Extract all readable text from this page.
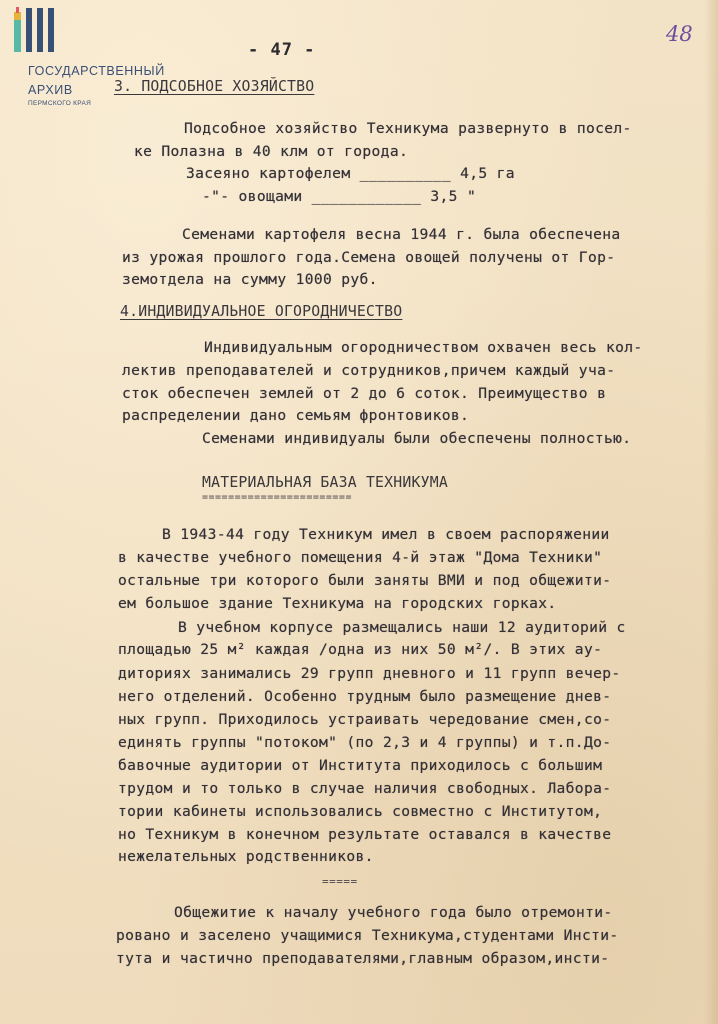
ГОСУДАРСТВЕННЫЙ
АРХИВ
ПЕРМСКОГО КРАЯ
- 47 -
48
3. ПОДСОБНОЕ ХОЗЯЙСТВО
Подсобное хозяйство Техникума развернуто в посел-
ке Полазна в 40 клм от города.
Засеяно картофелем __________ 4,5 га
-"- овощами ____________ 3,5 "
Семенами картофеля весна 1944 г. была обеспечена
из урожая прошлого года.Семена овощей получены от Гор-
земотдела на сумму 1000 руб.
4.ИНДИВИДУАЛЬНОЕ ОГОРОДНИЧЕСТВО
Индивидуальным огородничеством охвачен весь кол-
лектив преподавателей и сотрудников,причем каждый уча-
сток обеспечен землей от 2 до 6 соток. Преимущество в
распределении дано семьям фронтовиков.
Семенами индивидуалы были обеспечены полностью.
МАТЕРИАЛЬНАЯ БАЗА ТЕХНИКУМА
=======================
В 1943-44 году Техникум имел в своем распоряжении
в качестве учебного помещения 4-й этаж "Дома Техники"
остальные три которого были заняты ВМИ и под общежити-
ем большое здание Техникума на городских горках.
В учебном корпусе размещались наши 12 аудиторий с
площадью 25 м² каждая /одна из них 50 м²/. В этих ау-
диториях занимались 29 групп дневного и 11 групп вечер-
него отделений. Особенно трудным было размещение днев-
ных групп. Приходилось устраивать чередование смен,со-
единять группы "потоком" (по 2,3 и 4 группы) и т.п.До-
бавочные аудитории от Института приходилось с большим
трудом и то только в случае наличия свободных. Лабора-
тории кабинеты использовались совместно с Институтом,
но Техникум в конечном результате оставался в качестве
нежелательных родственников.
=====
Общежитие к началу учебного года было отремонти-
ровано и заселено учащимися Техникума,студентами Инсти-
тута и частично преподавателями,главным образом,инсти-
